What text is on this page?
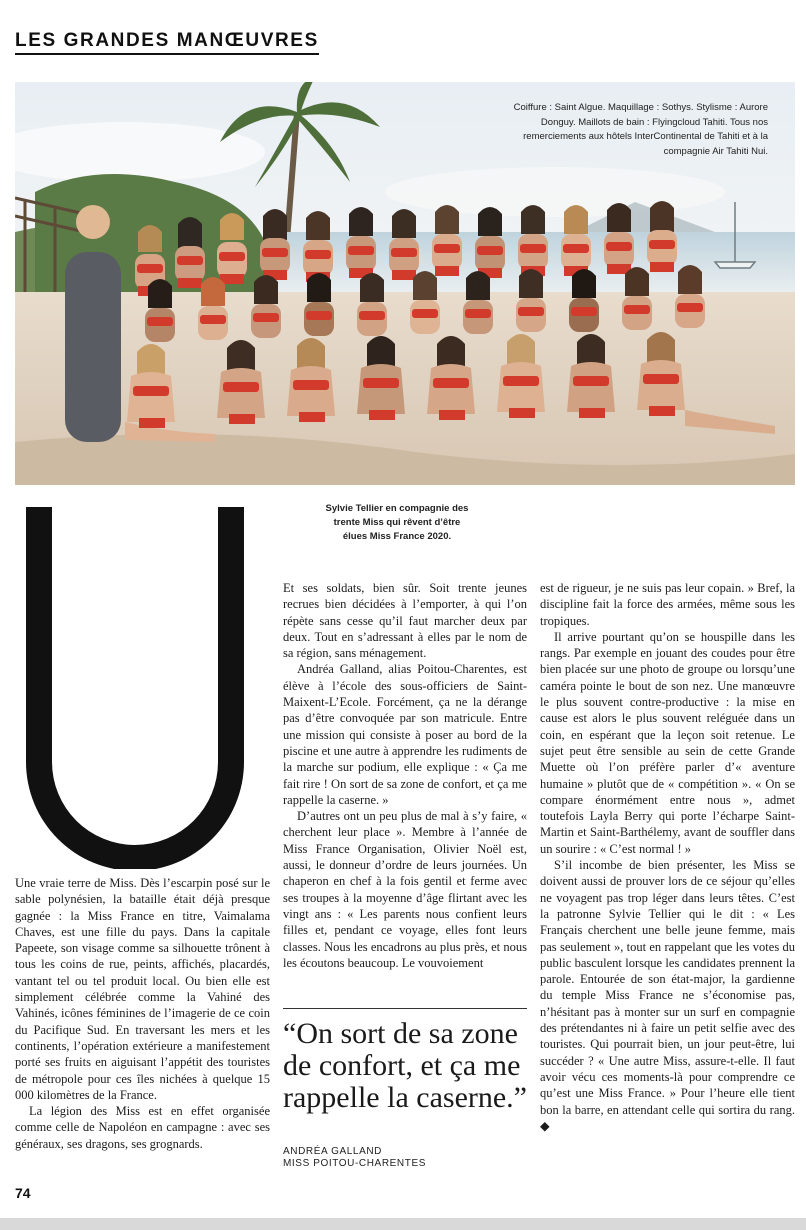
LES GRANDES MANŒUVRES
Coiffure : Saint Algue. Maquillage : Sothys. Stylisme : Aurore Donguy. Maillots de bain : Flyingcloud Tahiti. Tous nos remerciements aux hôtels InterContinental de Tahiti et à la compagnie Air Tahiti Nui.
Sylvie Tellier en compagnie des trente Miss qui rêvent d’être élues Miss France 2020.

Une vraie terre de Miss. Dès l’escarpin posé sur le sable polynésien, la bataille était déjà presque gagnée : la Miss France en titre, Vaimalama Chaves, est une fille du pays. Dans la capitale Papeete, son visage comme sa silhouette trônent à tous les coins de rue, peints, affichés, placardés, vantant tel ou tel produit local. Ou bien elle est simplement célébrée comme la Vahiné des Vahinés, icônes féminines de l’imagerie de ce coin du Pacifique Sud. En traversant les mers et les continents, l’opération extérieure a manifestement porté ses fruits en aiguisant l’appétit des touristes de métropole pour ces îles nichées à quelque 15 000 kilomètres de la France.

La légion des Miss est en effet organisée comme celle de Napoléon en campagne : avec ses généraux, ses dragons, ses grognards.

Et ses soldats, bien sûr. Soit trente jeunes recrues bien décidées à l’emporter, à qui l’on répète sans cesse qu’il faut marcher deux par deux. Tout en s’adressant à elles par le nom de sa région, sans ménagement.

Andréa Galland, alias Poitou-Charentes, est élève à l’école des sous-officiers de Saint-Maixent-L’Ecole. Forcément, ça ne la dérange pas d’être convoquée par son matricule. Entre une mission qui consiste à poser au bord de la piscine et une autre à apprendre les rudiments de la marche sur podium, elle explique : « Ça me fait rire ! On sort de sa zone de confort, et ça me rappelle la caserne. »

D’autres ont un peu plus de mal à s’y faire, « cherchent leur place ». Membre à l’année de Miss France Organisation, Olivier Noël est, aussi, le donneur d’ordre de leurs journées. Un chaperon en chef à la fois gentil et ferme avec ses troupes à la moyenne d’âge flirtant avec les vingt ans : « Les parents nous confient leurs filles et, pendant ce voyage, elles font leurs classes. Nous les encadrons au plus près, et nous les écoutons beaucoup. Le vouvoiement

“On sort de sa zone de confort, et ça me rappelle la caserne.”
ANDRÉA GALLAND
MISS POITOU-CHARENTES

est de rigueur, je ne suis pas leur copain. » Bref, la discipline fait la force des armées, même sous les tropiques.

Il arrive pourtant qu’on se houspille dans les rangs. Par exemple en jouant des coudes pour être bien placée sur une photo de groupe ou lorsqu’une caméra pointe le bout de son nez. Une manœuvre le plus souvent contre-productive : la mise en cause est alors le plus souvent reléguée dans un coin, en espérant que la leçon soit retenue. Le sujet peut être sensible au sein de cette Grande Muette où l’on préfère parler d’« aventure humaine » plutôt que de « compétition ». « On se compare énormément entre nous », admet toutefois Layla Berry qui porte l’écharpe Saint-Martin et Saint-Barthélemy, avant de souffler dans un sourire : « C’est normal ! »

S’il incombe de bien présenter, les Miss se doivent aussi de prouver lors de ce séjour qu’elles ne voyagent pas trop léger dans leurs têtes. C’est la patronne Sylvie Tellier qui le dit : « Les Français cherchent une belle jeune femme, mais pas seulement », tout en rappelant que les votes du public basculent lorsque les candidates prennent la parole. Entourée de son état-major, la gardienne du temple Miss France ne s’économise pas, n’hésitant pas à monter sur un surf en compagnie des prétendantes ni à faire un petit selfie avec des touristes. Qui pourrait bien, un jour peut-être, lui succéder ? « Une autre Miss, assure-t-elle. Il faut avoir vécu ces moments-là pour comprendre ce qu’est une Miss France. » Pour l’heure elle tient bon la barre, en attendant celle qui sortira du rang. ◆

74
